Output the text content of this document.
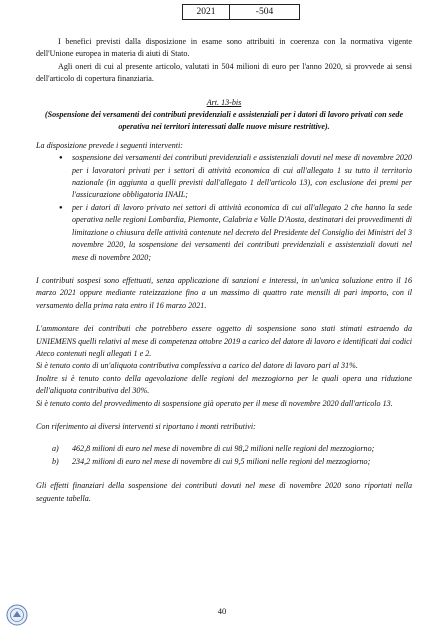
2021	-504

I benefici previsti dalla disposizione in esame sono attribuiti in coerenza con la normativa vigente dell'Unione europea in materia di aiuti di Stato.

Agli oneri di cui al presente articolo, valutati in 504 milioni di euro per l'anno 2020, si provvede ai sensi dell'articolo di copertura finanziaria.

Art. 13-bis

(Sospensione dei versamenti dei contributi previdenziali e assistenziali per i datori di lavoro privati con sede operativa nei territori interessati dalle nuove misure restrittive).

La disposizione prevede i seguenti interventi:

● sospensione dei versamenti dei contributi previdenziali e assistenziali dovuti nel mese di novembre 2020 per i lavoratori privati per i settori di attività economica di cui all'allegato 1 su tutto il territorio nazionale (in aggiunta a quelli previsti dall'allegato 1 dell'articolo 13), con esclusione dei premi per l'assicurazione obbligatoria INAIL;
● per i datori di lavoro privato nei settori di attività economica di cui all'allegato 2 che hanno la sede operativa nelle regioni Lombardia, Piemonte, Calabria e Valle D'Aosta, destinatari dei provvedimenti di limitazione o chiusura delle attività contenute nel decreto del Presidente del Consiglio dei Ministri del 3 novembre 2020, la sospensione dei versamenti dei contributi previdenziali e assistenziali dovuti nel mese di novembre 2020;

I contributi sospesi sono effettuati, senza applicazione di sanzioni e interessi, in un'unica soluzione entro il 16 marzo 2021 oppure mediante rateizzazione fino a un massimo di quattro rate mensili di pari importo, con il versamento della prima rata entro il 16 marzo 2021.

L'ammontare dei contributi che potrebbero essere oggetto di sospensione sono stati stimati estraendo da UNIEMENS quelli relativi al mese di competenza ottobre 2019 a carico del datore di lavoro e identificati dai codici Ateco contenuti negli allegati 1 e 2.

Si è tenuto conto di un'aliquota contributiva complessiva a carico del datore di lavoro pari al 31%.

Inoltre si è tenuto conto della agevolazione delle regioni del mezzogiorno per le quali opera una riduzione dell'aliquota contributiva del 30%.

Si è tenuto conto del provvedimento di sospensione già operato per il mese di novembre 2020 dall'articolo 13.

Con riferimento ai diversi interventi si riportano i monti retributivi:

a) 462,8 milioni di euro nel mese di novembre di cui 98,2 milioni nelle regioni del mezzogiorno;
b) 234,2 milioni di euro nel mese di novembre di cui 9,5 milioni nelle regioni del mezzogiorno;

Gli effetti finanziari della sospensione dei contributi dovuti nel mese di novembre 2020 sono riportati nella seguente tabella.

40
